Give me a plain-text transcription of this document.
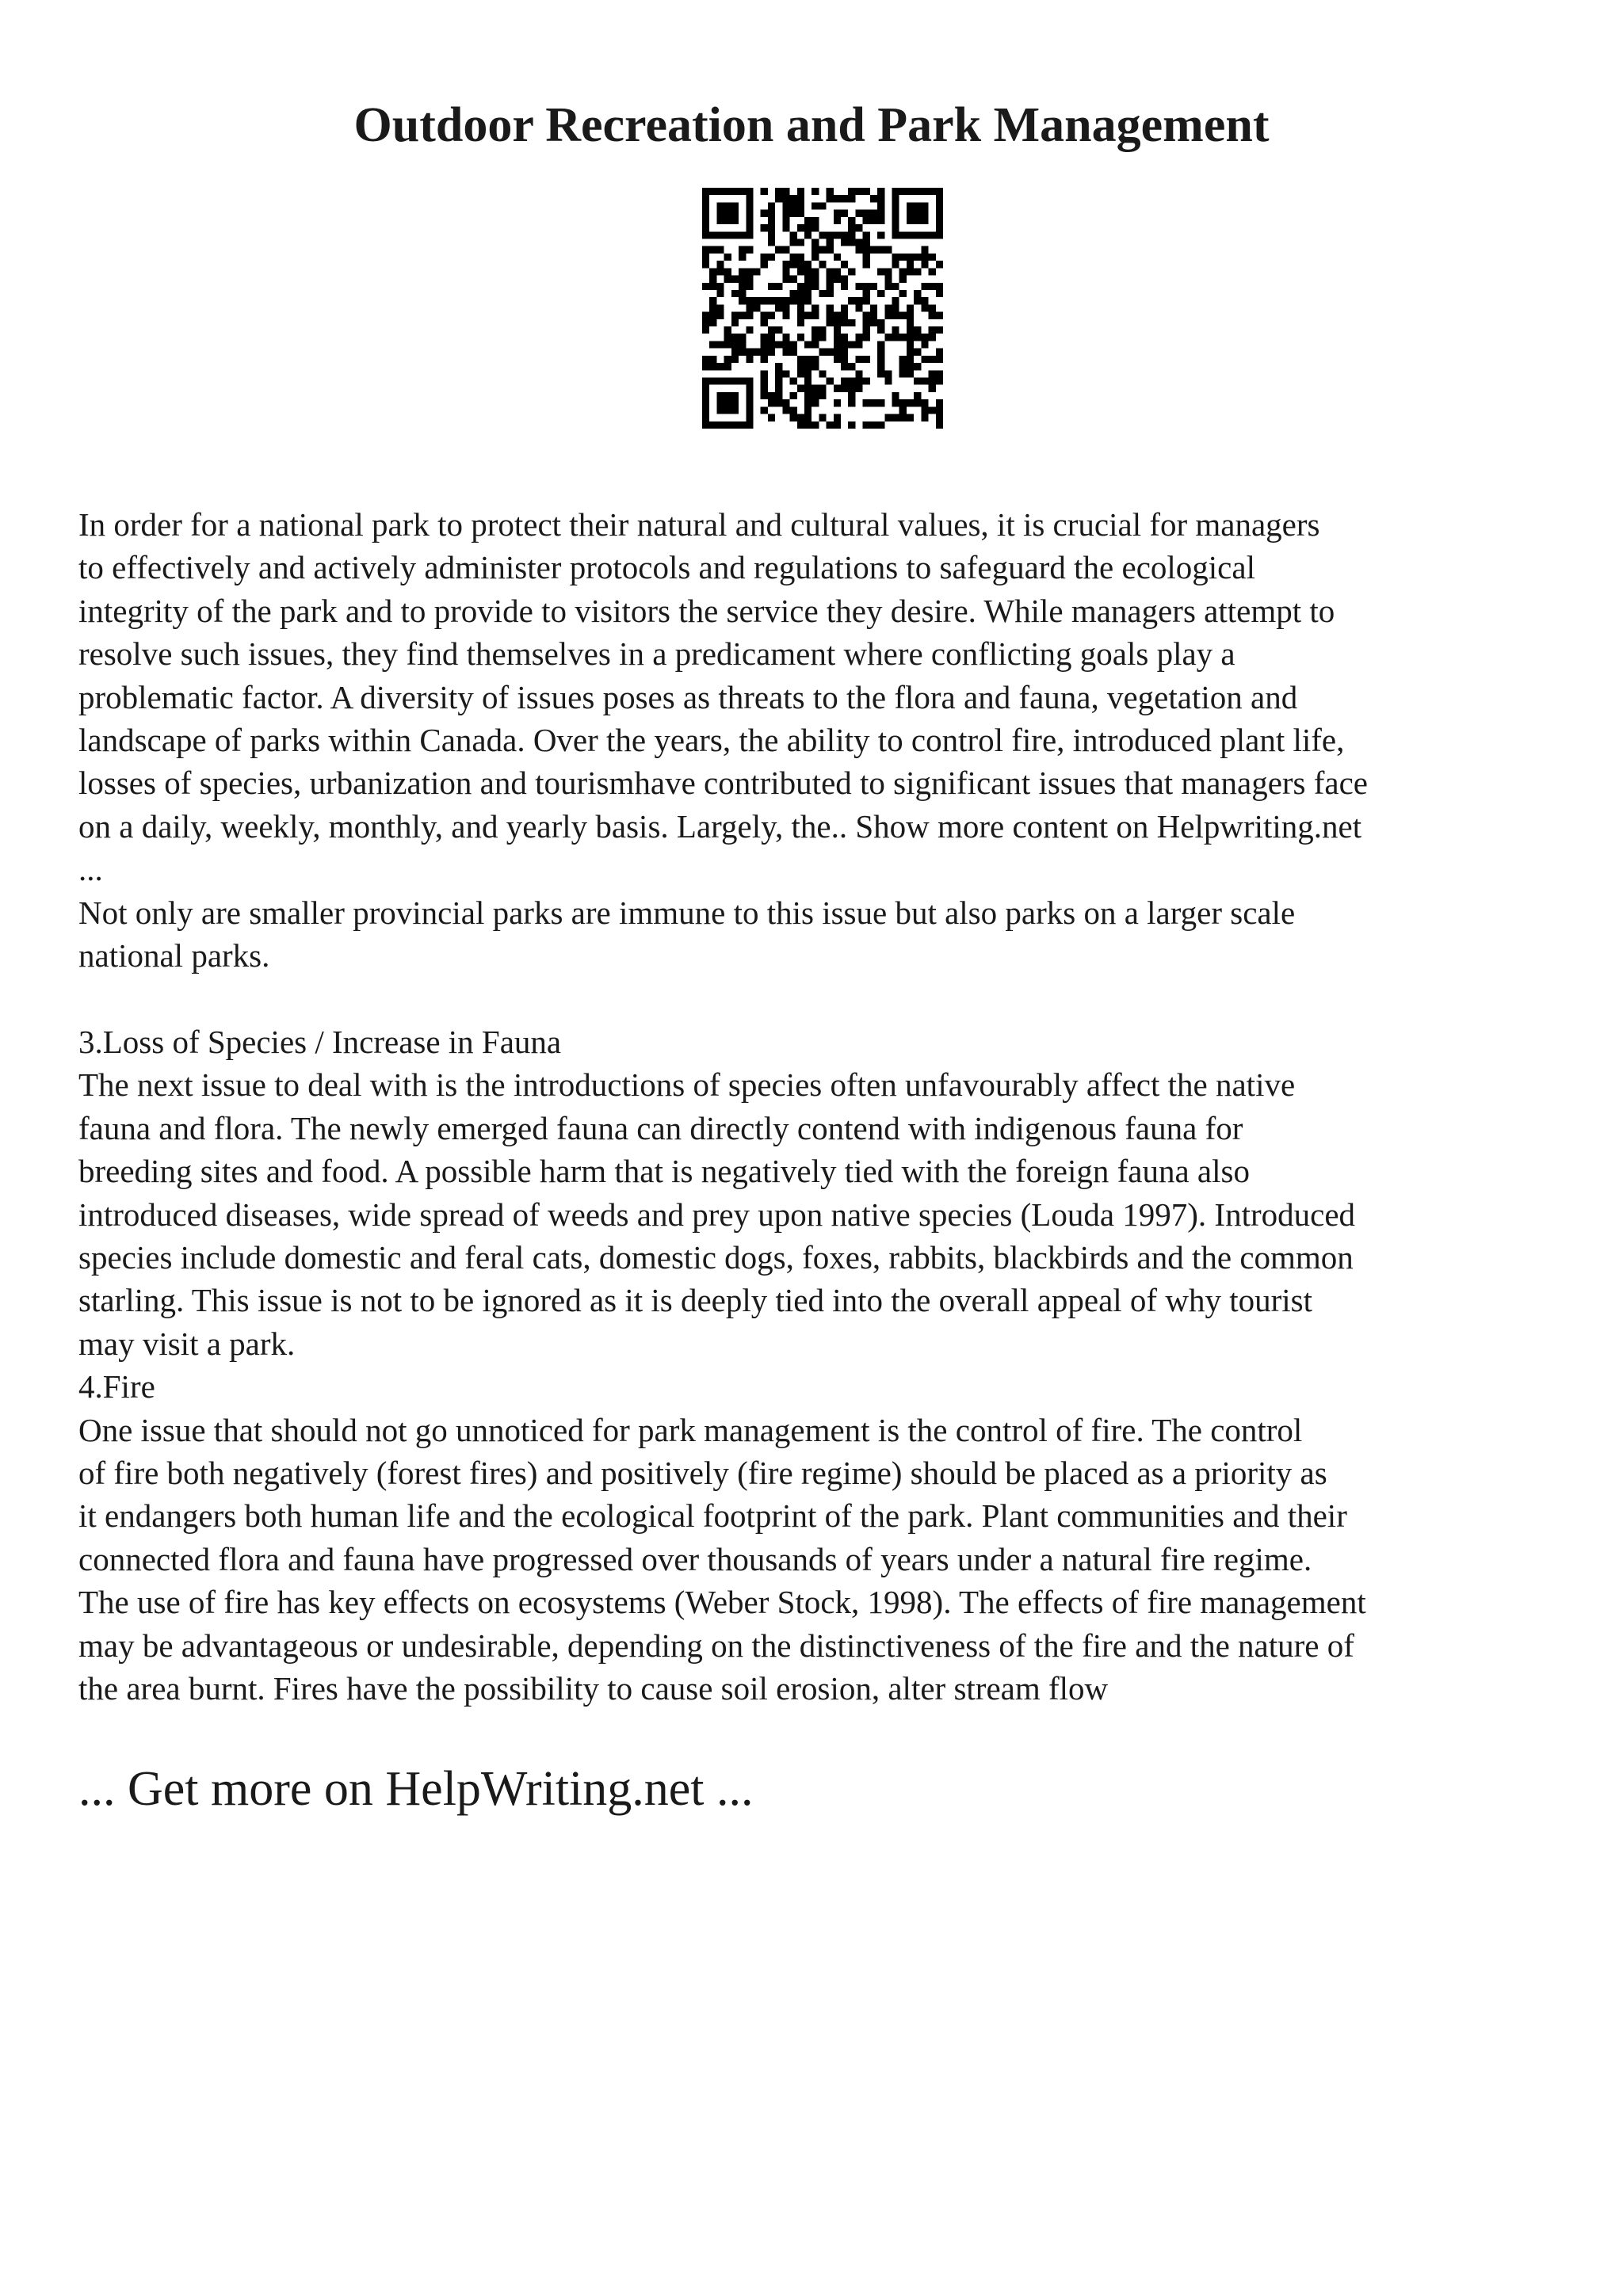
Outdoor Recreation and Park Management
In order for a national park to protect their natural and cultural values, it is crucial for managers
to effectively and actively administer protocols and regulations to safeguard the ecological
integrity of the park and to provide to visitors the service they desire. While managers attempt to
resolve such issues, they find themselves in a predicament where conflicting goals play a
problematic factor. A diversity of issues poses as threats to the flora and fauna, vegetation and
landscape of parks within Canada. Over the years, the ability to control fire, introduced plant life,
losses of species, urbanization and tourismhave contributed to significant issues that managers face
on a daily, weekly, monthly, and yearly basis. Largely, the.. Show more content on Helpwriting.net
...
Not only are smaller provincial parks are immune to this issue but also parks on a larger scale
national parks.
3.Loss of Species / Increase in Fauna
The next issue to deal with is the introductions of species often unfavourably affect the native
fauna and flora. The newly emerged fauna can directly contend with indigenous fauna for
breeding sites and food. A possible harm that is negatively tied with the foreign fauna also
introduced diseases, wide spread of weeds and prey upon native species (Louda 1997). Introduced
species include domestic and feral cats, domestic dogs, foxes, rabbits, blackbirds and the common
starling. This issue is not to be ignored as it is deeply tied into the overall appeal of why tourist
may visit a park.
4.Fire
One issue that should not go unnoticed for park management is the control of fire. The control
of fire both negatively (forest fires) and positively (fire regime) should be placed as a priority as
it endangers both human life and the ecological footprint of the park. Plant communities and their
connected flora and fauna have progressed over thousands of years under a natural fire regime.
The use of fire has key effects on ecosystems (Weber Stock, 1998). The effects of fire management
may be advantageous or undesirable, depending on the distinctiveness of the fire and the nature of
the area burnt. Fires have the possibility to cause soil erosion, alter stream flow

... Get more on HelpWriting.net ...
